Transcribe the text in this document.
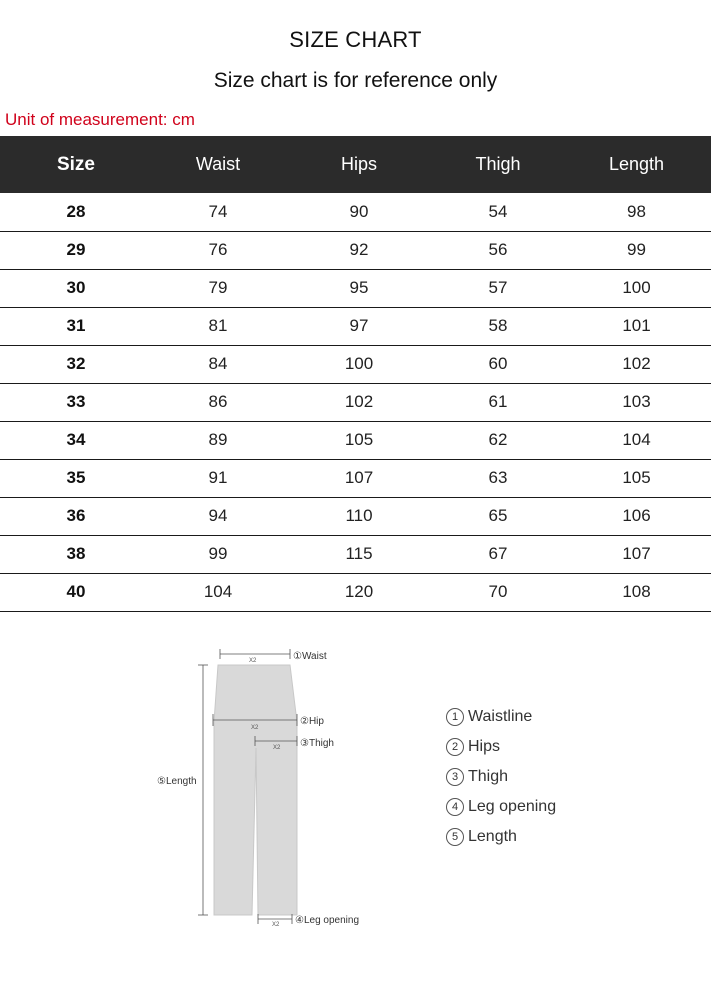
SIZE CHART
Size chart is for reference only
Unit of measurement: cm
Size	Waist	Hips	Thigh	Length
28	74	90	54	98
29	76	92	56	99
30	79	95	57	100
31	81	97	58	101
32	84	100	60	102
33	86	102	61	103
34	89	105	62	104
35	91	107	63	105
36	94	110	65	106
38	99	115	67	107
40	104	120	70	108
X2	①Waist
X2
②Hip
X2 ③Thigh
⑤Length
X2 ④Leg opening
1 Waistline
2 Hips
3 Thigh
4 Leg opening
5 Length
